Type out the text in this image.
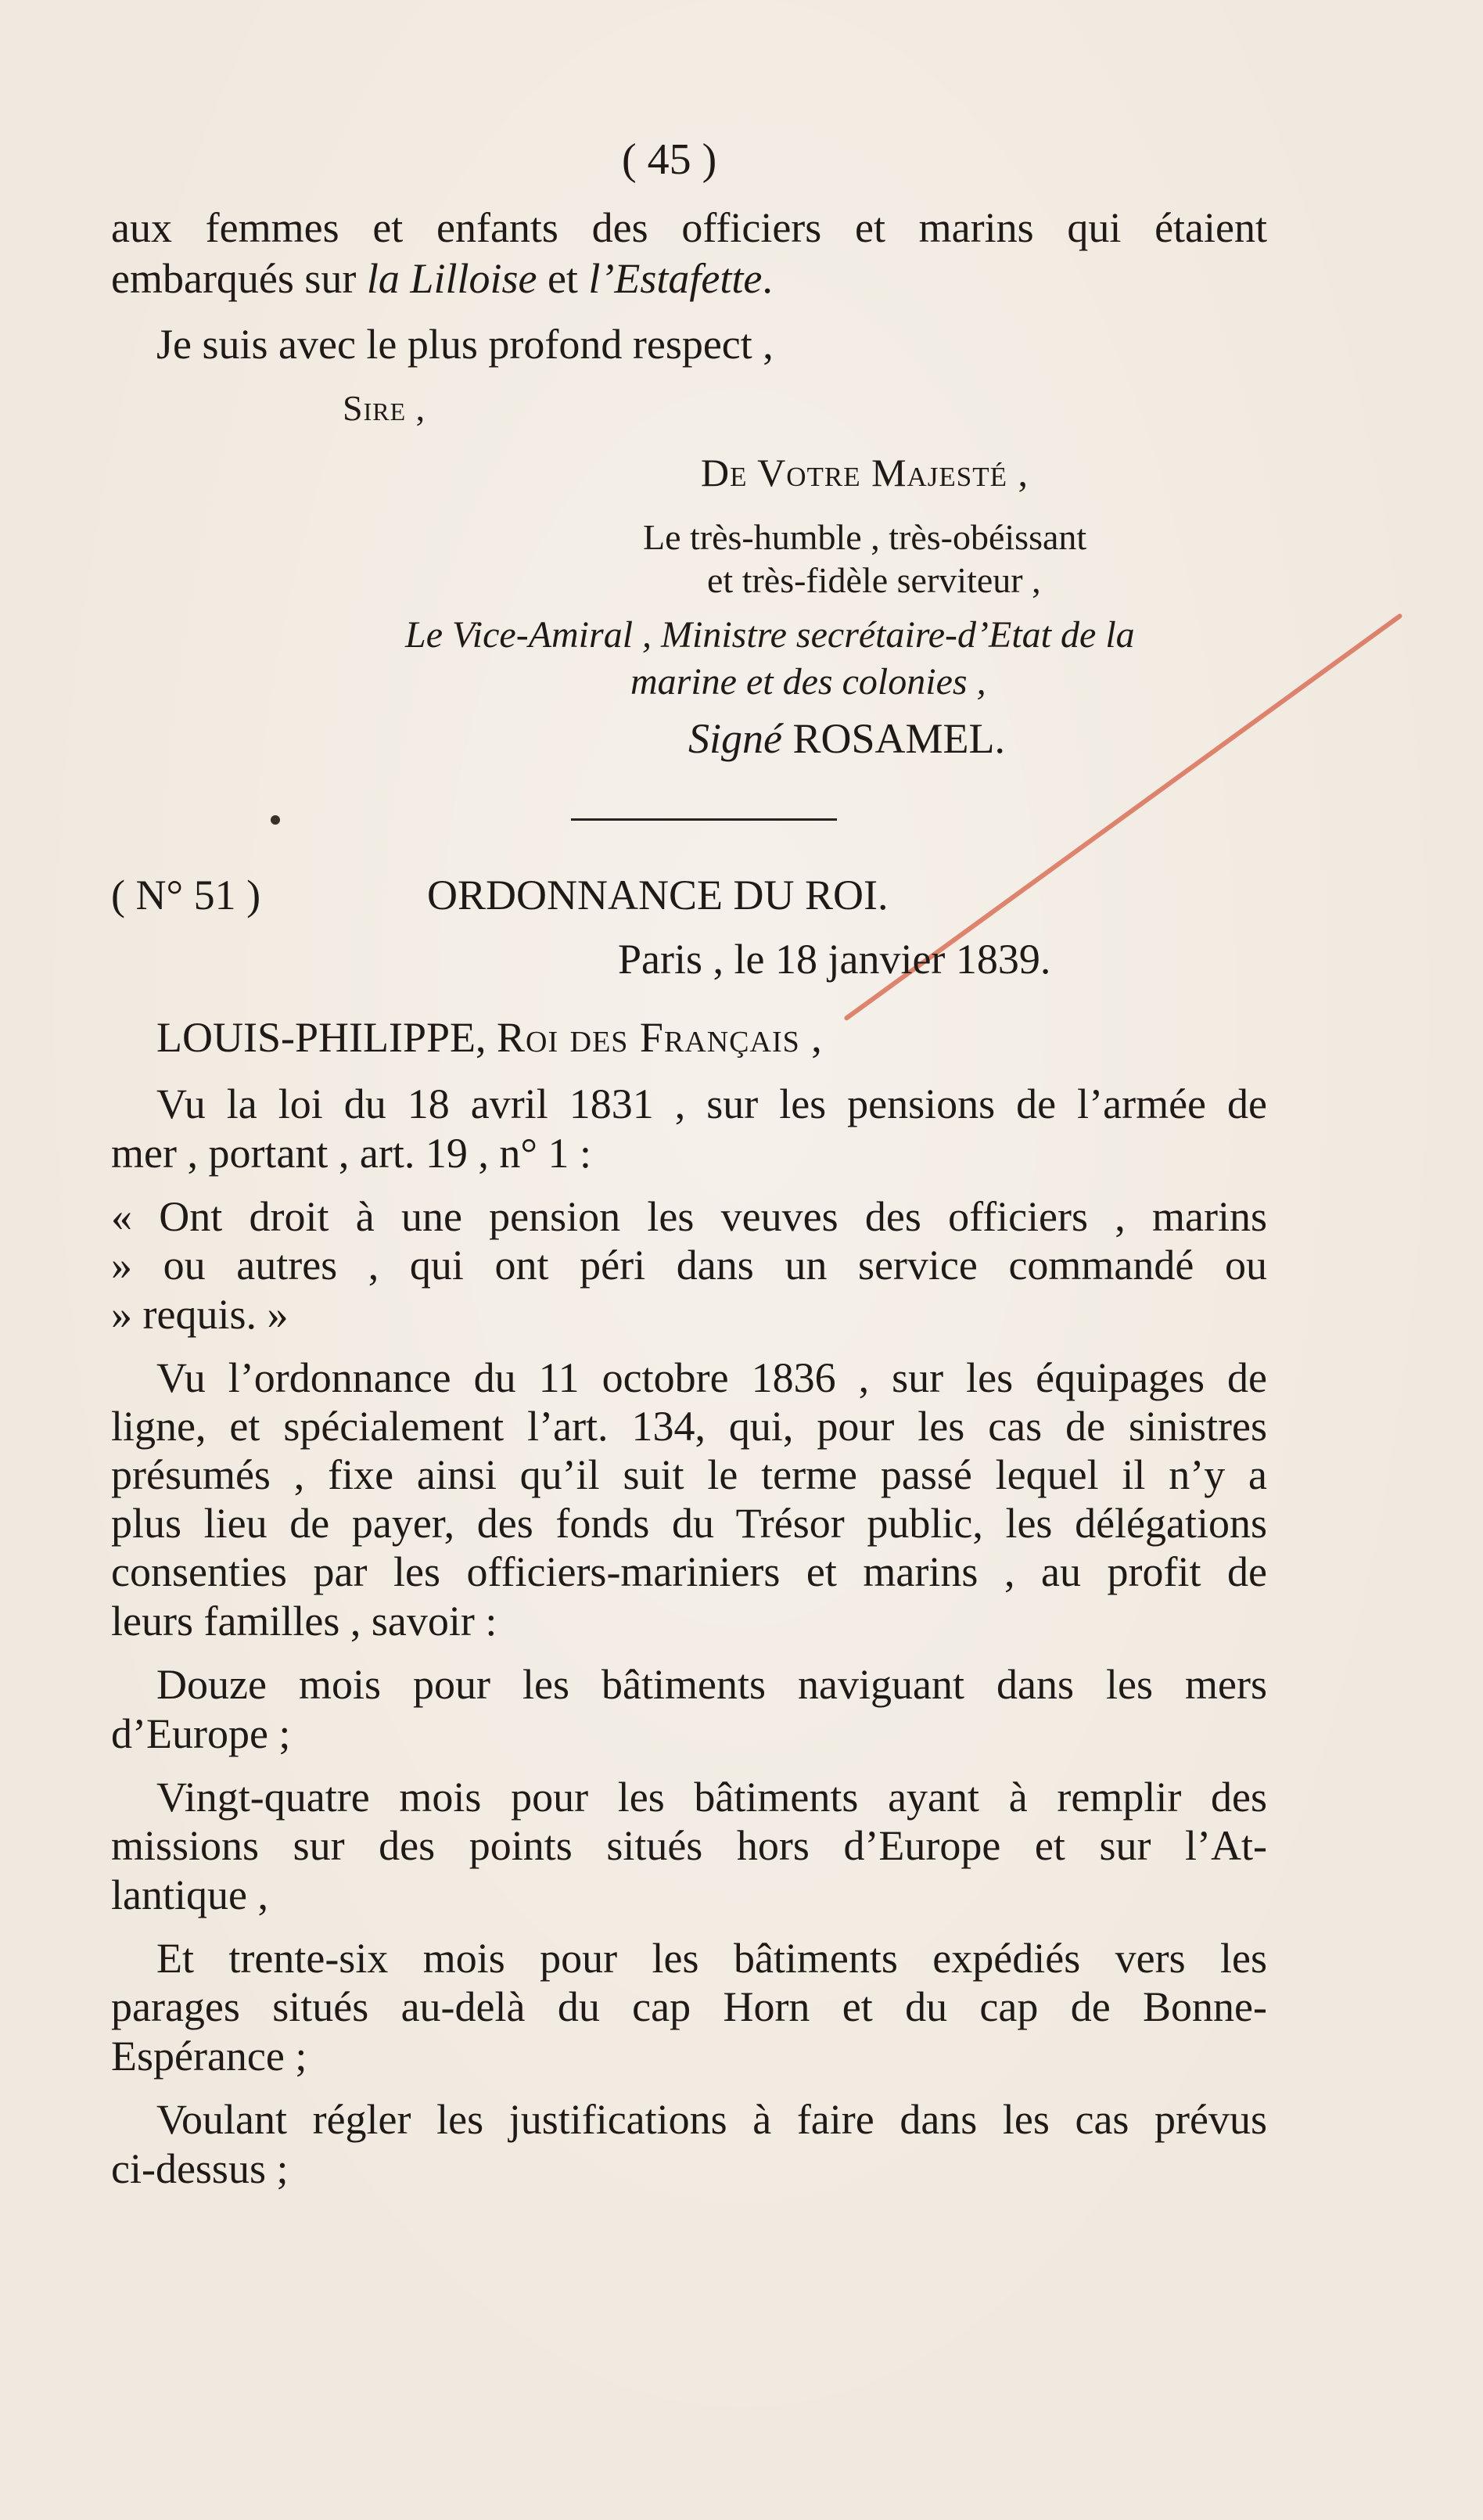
( 45 )
aux femmes et enfants des officiers et marins qui étaient
embarqués sur la Lilloise et l’Estafette.
Je suis avec le plus profond respect ,
Sire ,
De Votre Majesté ,
Le très-humble , très-obéissant
et très-fidèle serviteur ,
Le Vice-Amiral , Ministre secrétaire-d’Etat de la
marine et des colonies ,
Signé ROSAMEL.
( N° 51 )	ORDONNANCE DU ROI.
Paris , le 18 janvier 1839.
LOUIS-PHILIPPE, Roi des Français ,
Vu la loi du 18 avril 1831 , sur les pensions de l’armée de
mer , portant , art. 19 , n° 1 :
« Ont droit à une pension les veuves des officiers , marins
» ou autres , qui ont péri dans un service commandé ou
» requis. »
Vu l’ordonnance du 11 octobre 1836 , sur les équipages de
ligne, et spécialement l’art. 134, qui, pour les cas de sinistres
présumés , fixe ainsi qu’il suit le terme passé lequel il n’y a
plus lieu de payer, des fonds du Trésor public, les délégations
consenties par les officiers-mariniers et marins , au profit de
leurs familles , savoir :
Douze mois pour les bâtiments naviguant dans les mers
d’Europe ;
Vingt-quatre mois pour les bâtiments ayant à remplir des
missions sur des points situés hors d’Europe et sur l’At-
lantique ,
Et trente-six mois pour les bâtiments expédiés vers les
parages situés au-delà du cap Horn et du cap de Bonne-
Espérance ;
Voulant régler les justifications à faire dans les cas prévus
ci-dessus ;
